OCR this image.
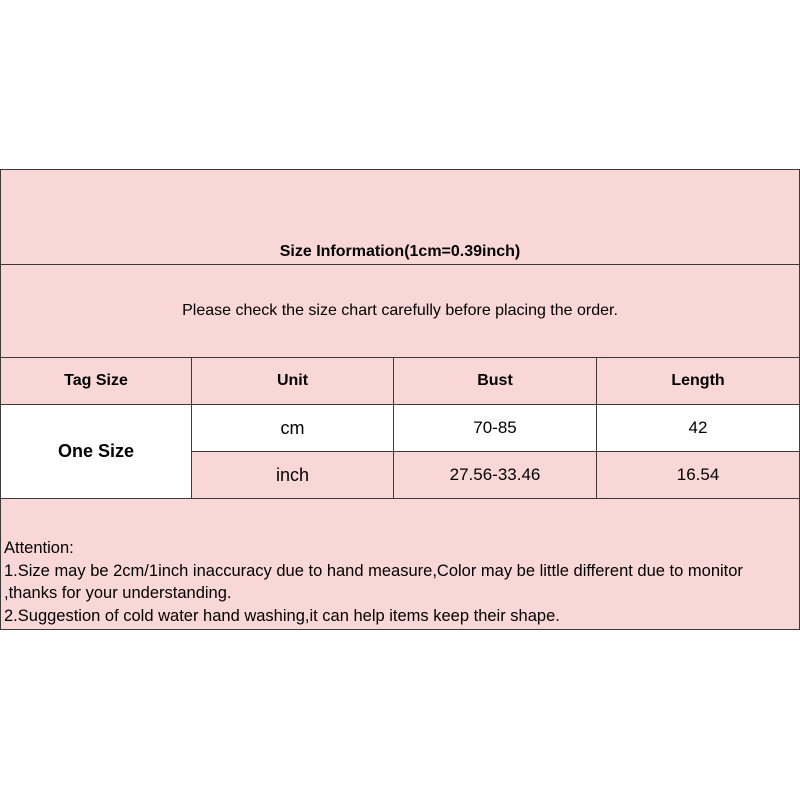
Size Information(1cm=0.39inch)			
Please check the size chart carefully before placing the order.			
Tag Size	Unit	Bust	Length
One Size	cm	70-85	42
	inch	27.56-33.46	16.54

Attention:
1.Size may be 2cm/1inch inaccuracy due to hand measure,Color may be little different due to monitor
,thanks for your understanding.
2.Suggestion of cold water hand washing,it can help items keep their shape.			
